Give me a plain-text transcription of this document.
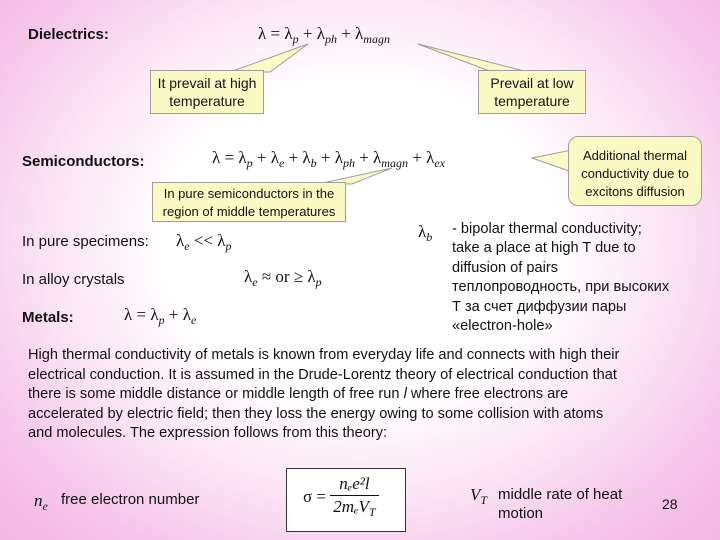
Dielectrics:	$\lambda = \lambda_p + \lambda_{ph} + \lambda_{magn}$
It prevail at high temperature
Prevail at low temperature
In pure semiconductors in the region of middle temperatures
Additional thermal conductivity due to excitons diffusion
Semiconductors:	$\lambda = \lambda_p + \lambda_e + \lambda_b + \lambda_{ph} + \lambda_{magn} + \lambda_{ex}$
In pure specimens: $\lambda_e << \lambda_p$
In alloy crystals	$\lambda_e$ ≈ or ≥ $\lambda_p$
Metals:	$\lambda = \lambda_p + \lambda_e$
$\lambda_b$ - bipolar thermal conductivity;
take a place at high T due to
diffusion of pairs
теплопроводность, при высоких
Т за счет диффузии пары
«electron-hole»
High thermal conductivity of metals is known from everyday life and connects with high their
electrical conduction. It is assumed in the Drude-Lorentz theory of electrical conduction that
there is some middle distance or middle length of free run l where free electrons are
accelerated by electric field; then they loss the energy owing to some collision with atoms
and molecules. The expression follows from this theory:
$n_e$ free electron number	$\sigma = \frac{\text{nₑe²l}}{2m_eV_T}$	$V_T$ middle rate of heat
motion
28
